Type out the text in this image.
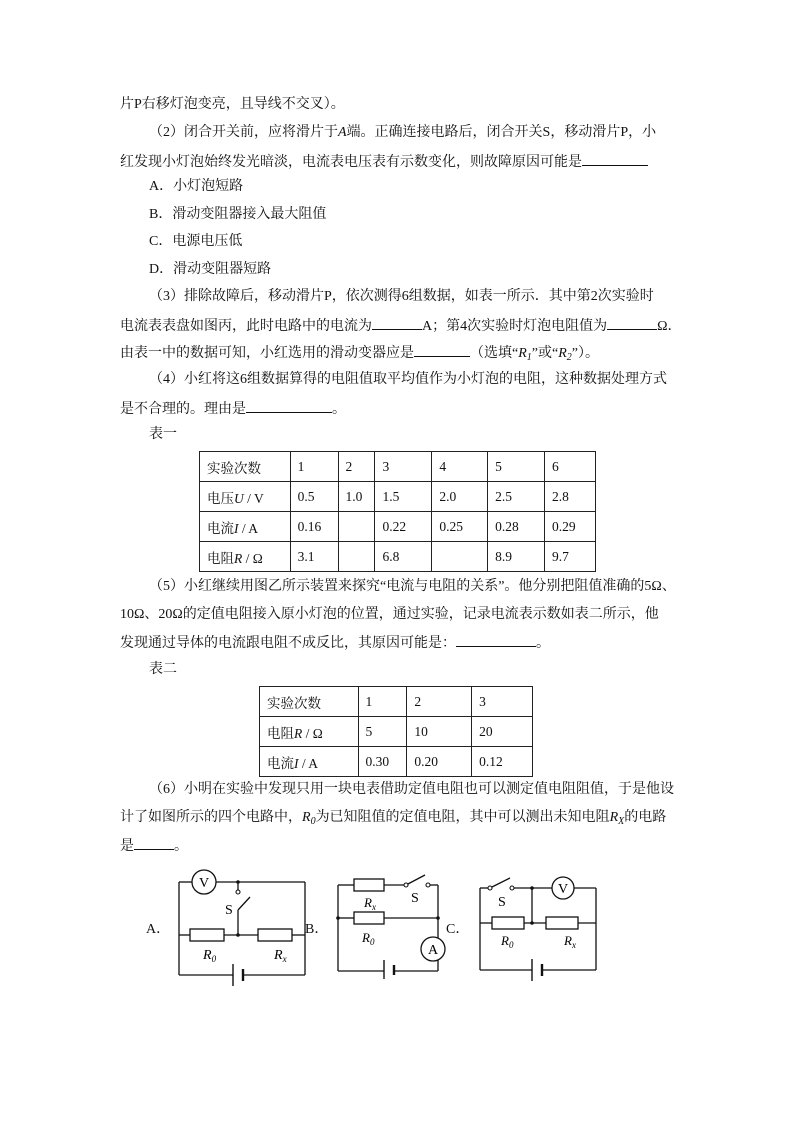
片P右移灯泡变亮，且导线不交叉）。
（2）闭合开关前，应将滑片于A端。正确连接电路后，闭合开关S，移动滑片P，小
红发现小灯泡始终发光暗淡，电流表电压表有示数变化，则故障原因可能是
A．小灯泡短路
B．滑动变阻器接入最大阻值
C．电源电压低
D．滑动变阻器短路
（3）排除故障后，移动滑片P，依次测得6组数据，如表一所示．其中第2次实验时
电流表表盘如图丙，此时电路中的电流为	A；第4次实验时灯泡电阻值为	Ω．
由表一中的数据可知，小红选用的滑动变器应是	（选填“$R_1$”或“$R_2$”）。
（4）小红将这6组数据算得的电阻值取平均值作为小灯泡的电阻，这种数据处理方式
是不合理的。理由是	。
表一
实验次数	1	2	3	4	5	6
电压U / V	0.5	1.0	1.5	2.0	2.5	2.8
电流I / A	0.16		0.22	0.25	0.28	0.29
电阻R / Ω	3.1		6.8		8.9	9.7
（5）小红继续用图乙所示装置来探究“电流与电阻的关系”。他分别把阻值准确的5Ω、
10Ω、20Ω的定值电阻接入原小灯泡的位置，通过实验，记录电流表示数如表二所示，他
发现通过导体的电流跟电阻不成反比，其原因可能是：	。
表二
实验次数	1	2	3
电阻R / Ω	5	10	20
电流I / A	0.30	0.20	0.12
（6）小明在实验中发现只用一块电表借助定值电阻也可以测定值电阻阻值，于是他设
计了如图所示的四个电路中，$R_0$为已知阻值的定值电阻，其中可以测出未知电阻$R_X$的电路
是	。
A．	B．	C．
V
S
$R_0$	$R_x$
S
$R_x$
$R_0$
A
V
S
$R_0$	$R_x$
